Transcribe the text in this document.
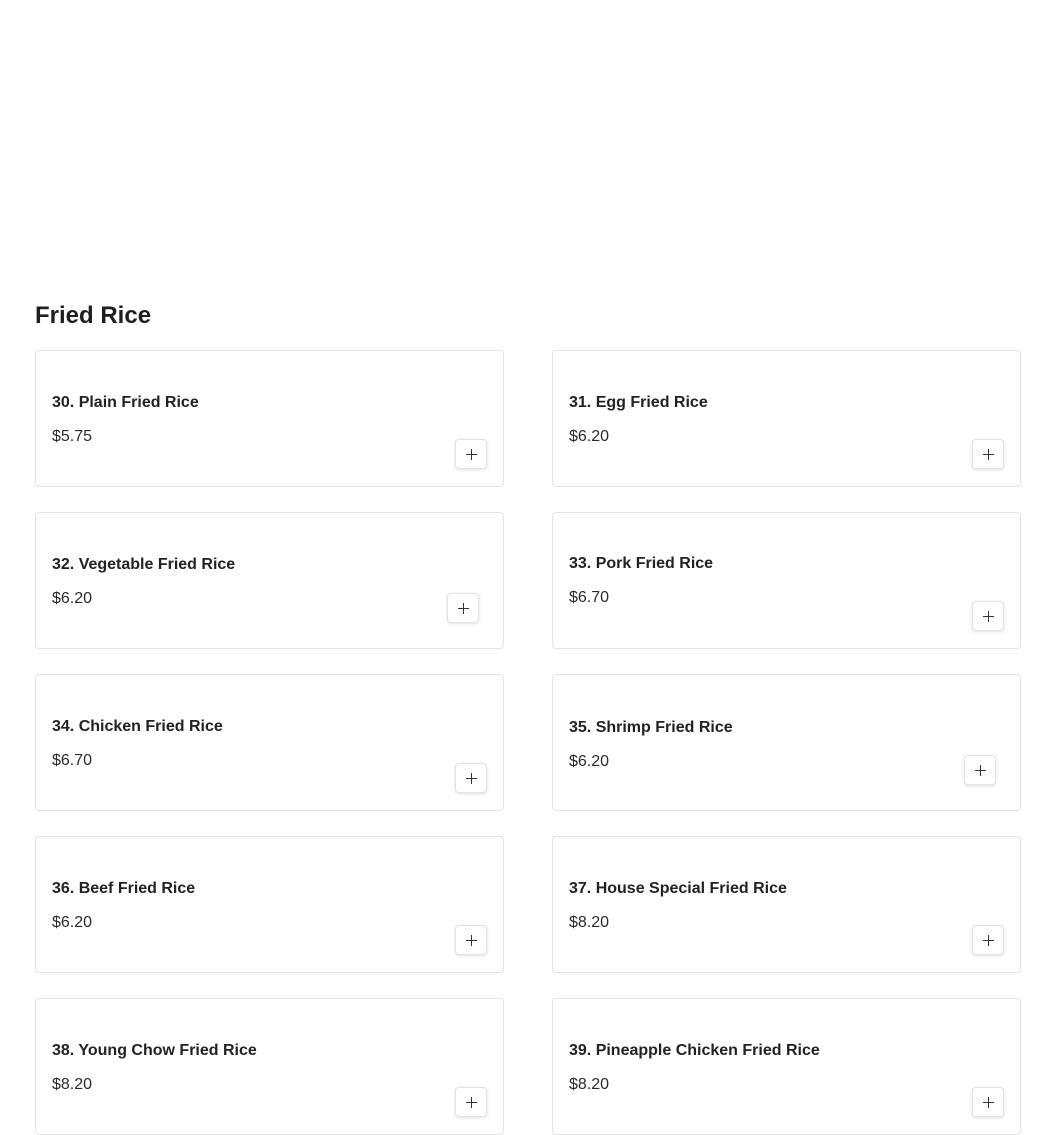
Fried Rice
30. Plain Fried Rice
$5.75
31. Egg Fried Rice
$6.20
32. Vegetable Fried Rice
$6.20
33. Pork Fried Rice
$6.70
34. Chicken Fried Rice
$6.70
35. Shrimp Fried Rice
$6.20
36. Beef Fried Rice
$6.20
37. House Special Fried Rice
$8.20
38. Young Chow Fried Rice
$8.20
39. Pineapple Chicken Fried Rice
$8.20
